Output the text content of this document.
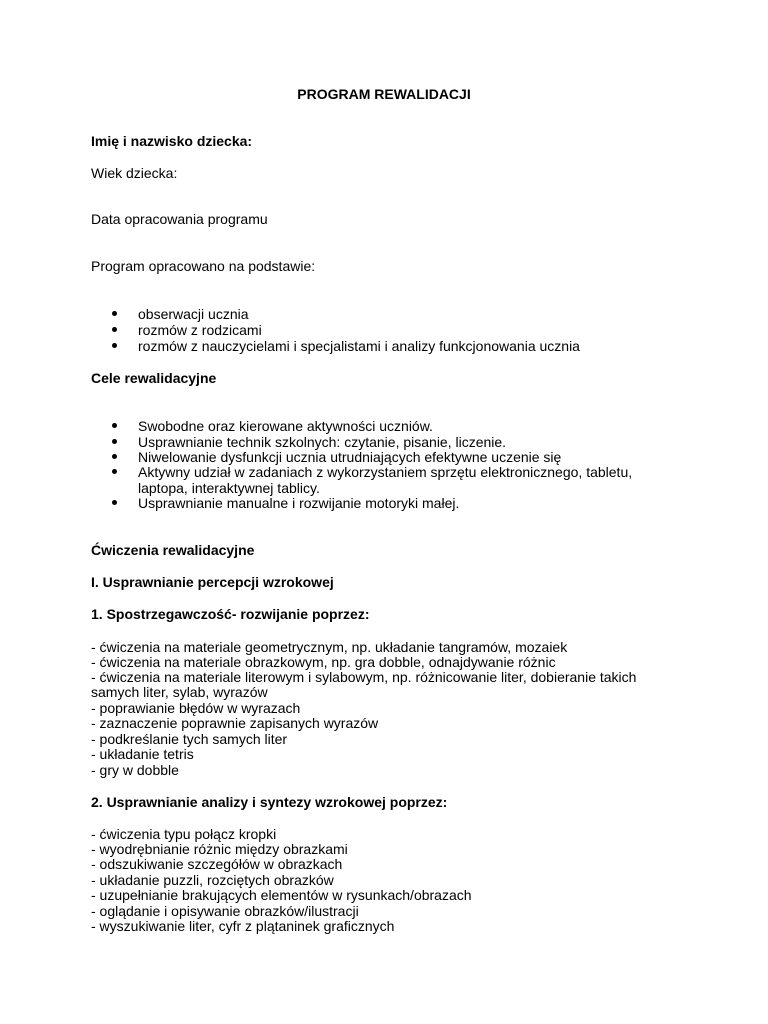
PROGRAM REWALIDACJI
Imię i nazwisko dziecka:
Wiek dziecka:
Data opracowania programu
Program opracowano na podstawie:
obserwacji ucznia
rozmów z rodzicami
rozmów z nauczycielami i specjalistami i analizy funkcjonowania ucznia
Cele rewalidacyjne
Swobodne oraz kierowane aktywności uczniów.
Usprawnianie technik szkolnych: czytanie, pisanie, liczenie.
Niwelowanie dysfunkcji ucznia utrudniających efektywne uczenie się
Aktywny udział w zadaniach z wykorzystaniem sprzętu elektronicznego, tabletu,
laptopa, interaktywnej tablicy.
Usprawnianie manualne i rozwijanie motoryki małej.
Ćwiczenia rewalidacyjne
I. Usprawnianie percepcji wzrokowej
1. Spostrzegawczość- rozwijanie poprzez:
- ćwiczenia na materiale geometrycznym, np. układanie tangramów, mozaiek
- ćwiczenia na materiale obrazkowym, np. gra dobble, odnajdywanie różnic
- ćwiczenia na materiale literowym i sylabowym, np. różnicowanie liter, dobieranie takich
samych liter, sylab, wyrazów
- poprawianie błędów w wyrazach
- zaznaczenie poprawnie zapisanych wyrazów
- podkreślanie tych samych liter
- układanie tetris
- gry w dobble
2. Usprawnianie analizy i syntezy wzrokowej poprzez:
- ćwiczenia typu połącz kropki
- wyodrębnianie różnic między obrazkami
- odszukiwanie szczegółów w obrazkach
- układanie puzzli, rozciętych obrazków
- uzupełnianie brakujących elementów w rysunkach/obrazach
- oglądanie i opisywanie obrazków/ilustracji
- wyszukiwanie liter, cyfr z plątaninek graficznych
